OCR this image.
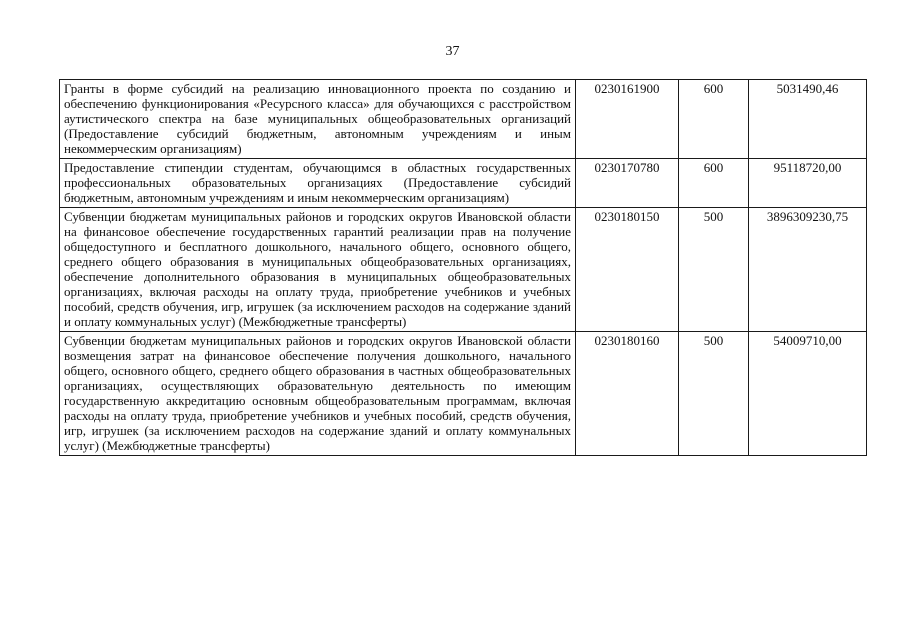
37
Гранты в форме субсидий на реализацию инновационного проекта по созданию и обеспечению функционирования «Ресурсного класса» для обучающихся с расстройством аутистического спектра на базе муниципальных общеобразовательных организаций (Предоставление субсидий бюджетным, автономным учреждениям и иным некоммерческим организациям)	0230161900	600	5031490,46
Предоставление стипендии студентам, обучающимся в областных государственных профессиональных образовательных организациях (Предоставление субсидий бюджетным, автономным учреждениям и иным некоммерческим организациям)	0230170780	600	95118720,00
Субвенции бюджетам муниципальных районов и городских округов Ивановской области на финансовое обеспечение государственных гарантий реализации прав на получение общедоступного и бесплатного дошкольного, начального общего, основного общего, среднего общего образования в муниципальных общеобразовательных организациях, обеспечение дополнительного образования в муниципальных общеобразовательных организациях, включая расходы на оплату труда, приобретение учебников и учебных пособий, средств обучения, игр, игрушек (за исключением расходов на содержание зданий и оплату коммунальных услуг) (Межбюджетные трансферты)	0230180150	500	3896309230,75
Субвенции бюджетам муниципальных районов и городских округов Ивановской области возмещения затрат на финансовое обеспечение получения дошкольного, начального общего, основного общего, среднего общего образования в частных общеобразовательных организациях, осуществляющих образовательную деятельность по имеющим государственную аккредитацию основным общеобразовательным программам, включая расходы на оплату труда, приобретение учебников и учебных пособий, средств обучения, игр, игрушек (за исключением расходов на содержание зданий и оплату коммунальных услуг) (Межбюджетные трансферты)	0230180160	500	54009710,00
